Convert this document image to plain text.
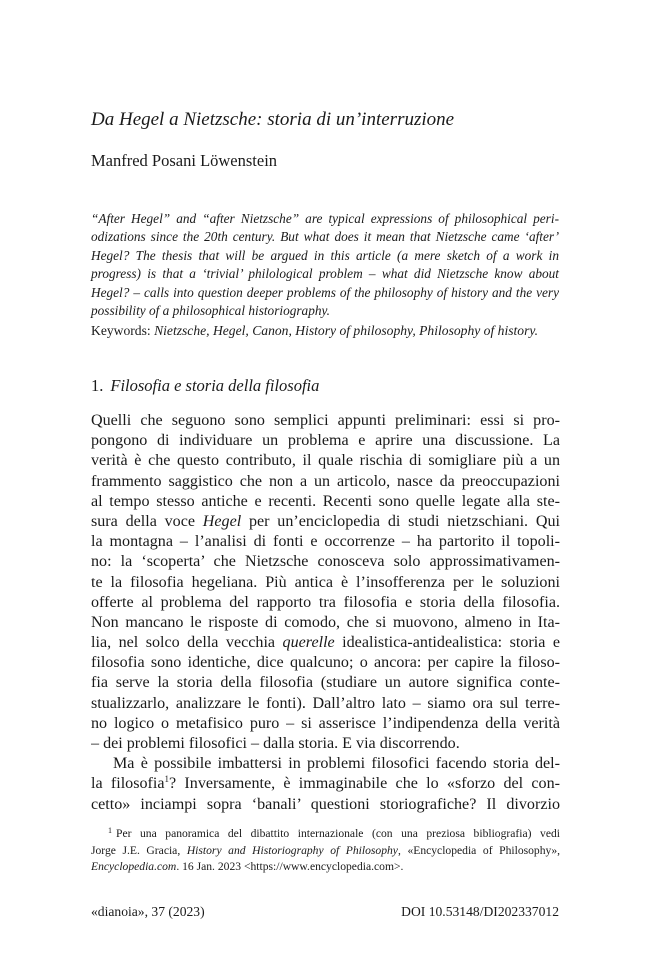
Da Hegel a Nietzsche: storia di un’interruzione
Manfred Posani Löwenstein
“After Hegel” and “after Nietzsche” are typical expressions of philosophical periodizations since the 20th century. But what does it mean that Nietzsche came ‘after’ Hegel? The thesis that will be argued in this article (a mere sketch of a work in progress) is that a ‘trivial’ philological problem – what did Nietzsche know about Hegel? – calls into question deeper problems of the philosophy of history and the very possibility of a philosophical historiography.
Keywords: Nietzsche, Hegel, Canon, History of philosophy, Philosophy of history.
1. Filosofia e storia della filosofia
Quelli che seguono sono semplici appunti preliminari: essi si pro-
pongono di individuare un problema e aprire una discussione. La
verità è che questo contributo, il quale rischia di somigliare più a un
frammento saggistico che non a un articolo, nasce da preoccupazioni
al tempo stesso antiche e recenti. Recenti sono quelle legate alla ste-
sura della voce Hegel per un’enciclopedia di studi nietzschiani. Qui
la montagna – l’analisi di fonti e occorrenze – ha partorito il topoli-
no: la ‘scoperta’ che Nietzsche conosceva solo approssimativamen-
te la filosofia hegeliana. Più antica è l’insofferenza per le soluzioni
offerte al problema del rapporto tra filosofia e storia della filosofia.
Non mancano le risposte di comodo, che si muovono, almeno in Ita-
lia, nel solco della vecchia querelle idealistica-antidealistica: storia e
filosofia sono identiche, dice qualcuno; o ancora: per capire la filoso-
fia serve la storia della filosofia (studiare un autore significa conte-
stualizzarlo, analizzare le fonti). Dall’altro lato – siamo ora sul terre-
no logico o metafisico puro – si asserisce l’indipendenza della verità
– dei problemi filosofici – dalla storia. E via discorrendo.
Ma è possibile imbattersi in problemi filosofici facendo storia del-
la filosofia$^1$? Inversamente, è immaginabile che lo «sforzo del con-
cetto» inciampi sopra ‘banali’ questioni storiografiche? Il divorzio
$^1$ Per una panoramica del dibattito internazionale (con una preziosa bibliografia) vedi
Jorge J.E. Gracia, History and Historiography of Philosophy, «Encyclopedia of Philosophy»,
Encyclopedia.com. 16 Jan. 2023 <https://www.encyclopedia.com>.
«dianoia», 37 (2023)	DOI 10.53148/DI202337012
